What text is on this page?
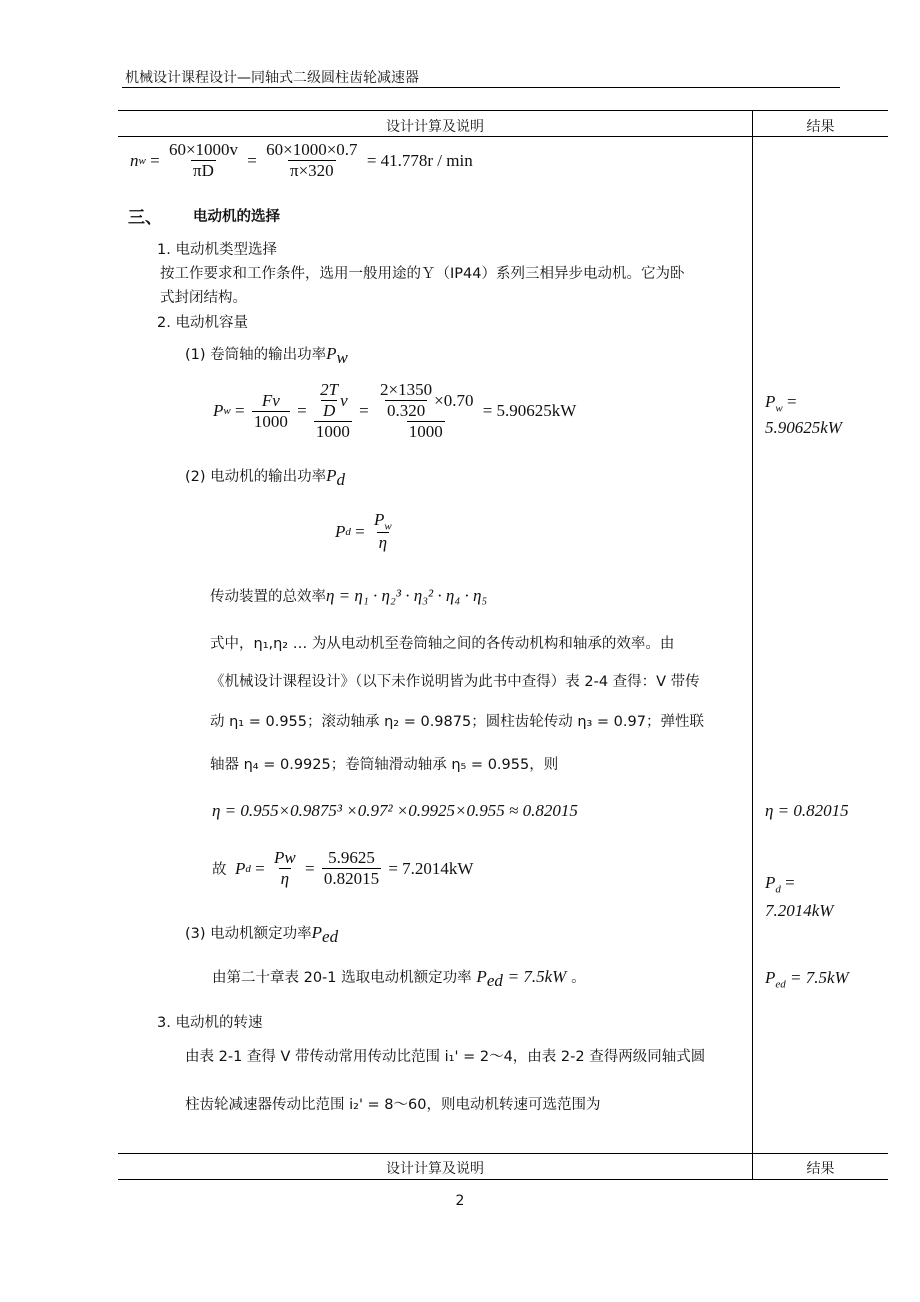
机械设计课程设计—同轴式二级圆柱齿轮减速器
设计计算及说明	结果
n $w = \frac{60\times 1000v}{\pi D} = \frac{60\times 1000\times 0.7}{\pi\times 320}$
= 41.778r / min
三、 电动机的选择
1. 电动机类型选择
按工作要求和工作条件，选用一般用途的Ｙ（IP44）系列三相异步电动机。它为卧
式封闭结构。
2. 电动机容量
(1) 卷筒轴的输出功率$P_w$
P $w = \frac{Fv}{1000} = \frac{\frac{2T}{D} v}{1000} = \frac{\frac{2\times 1350}{0.320} \times 0.70}{1000}$
= 5.90625kW
(2) 电动机的输出功率$P_d$
P $d = \frac{P_w}{\eta}$
传动装置的总效率η = η₁ · η₂³ · η₃² · η₄ · η₅
式中，η₁,η₂ … 为从电动机至卷筒轴之间的各传动机构和轴承的效率。由
《机械设计课程设计》（以下未作说明皆为此书中查得）表 2-4 查得：V 带传
动 η₁ = 0.955；滚动轴承 η₂ = 0.9875；圆柱齿轮传动 η₃ = 0.97；弹性联
轴器 η₄ = 0.9925；卷筒轴滑动轴承 η₅ = 0.955，则
η = 0.955×0.9875³ ×0.97² ×0.9925×0.955 ≈ 0.82015
故
P $d = \frac{Pw}{\eta} = \frac{5.9625}{0.82015}$
= 7.2014kW
(3) 电动机额定功率$P_{ed}$
由第二十章表 20-1 选取电动机额定功率 $P_{ed} = 7.5kW$ 。
3. 电动机的转速
由表 2-1 查得 V 带传动常用传动比范围 i₁' = 2～4，由表 2-2 查得两级同轴式圆
柱齿轮减速器传动比范围 i₂' = 8～60，则电动机转速可选范围为
$P_w$ =
5.90625kW
η = 0.82015
$P_d$ =
7.2014kW
$P_{ed} = 7.5kW$
设计计算及说明	结果
2
